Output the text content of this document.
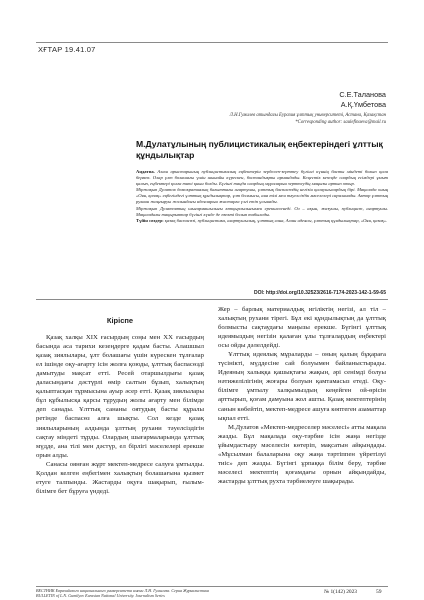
ХҒТАР 19.41.07
С.Е.Таланова
А.Қ.Үмбетова
Л.Н.Гумилев атындағы Еуразия ұлттық университеті, Астана, Қазақстан
*Corresponding author: saulefinaeva@mail.ru
М.Дулатұлының публицистикалық еңбектеріндегі ұлттық құндылықтар

Аңдатпа. Алаш арыстарының публицистикалық еңбектерін зерделеп-зерттеу бүгінгі күннің басты міндеті болып қала бермек. Олар ұлт болашағы үшін шынайы күрескен, бостандықты армандады. Кеңестік кезеңде олардың есімдері ұмыт қалып, еңбектері қолға тиюі қиын болды. Бүгінгі таңда олардың мұраларын зерттеудің маңызы артып отыр.

Мiржақып Дулатов демократиялық бағыттағы ағартушы, ұлттық баспасөздің негізін қалаушылардың бірі. Мақалада оның «Оян, қазақ» еңбегіндегі ұлттық құндылықтар, ұлт болмысы, ана тілі мен тәуелсіздік мәселелері сараланады. Автор ұлттың рухани жаңғыруы жолындағы идеяларын жастарға үлгі етіп ұсынады.

Мiржақып Дулатовтың шығармашылығы көпқырлылығымен ерекшеленеді. Ол – ақын, жазушы, публицист, ағартушы. Мақаладағы тақырыптар бүгінгі күнде де өзекті болып табылады.

Түйін сөздер: қазақ баспасөзі, публицистика, ағартушылық, ұлттық сана, Алаш идеясы, ұлттық құндылықтар, «Оян, қазақ».

DOI: http://doi.org/10.32523/2616-7174-2023-142-1-59-65
Кіріспе

Қазақ халқы ХІХ ғасырдың соңы мен ХХ ғасырдың басында аса тарихи кезеңдерге қадам басты. Алашшыл қазақ зиялылары, ұлт болашағы үшін күрескен тұлғалар ел ішінде оқу-ағарту ісін жолға қоюды, ұлттық баспасөзді дамытуды мақсат етті. Ресей отаршылдығы қазақ даласындағы дәстүрлі өмір салтын бұзып, халықтың қалыптасқан тұрмысына ауыр әсер етті. Қазақ зиялылары бұл құбылысқа қарсы тұрудың жолы ағарту мен білімде деп санады. Ұлттық сананы оятудың басты құралы ретінде баспасөз алға шықты. Сол кезде қазақ зиялыларының алдында ұлттың рухани тәуелсіздігін сақтау міндеті тұрды. Олардың шығармаларында ұлттық мүдде, ана тілі мен дәстүр, ел бірлігі мәселелері ерекше орын алды.

Санасы оянған жұрт мектеп-медресе салуға ұмтылды. Қолдан келген еңбегімен халықтың болашағына қызмет етуге талпынды. Жастарды оқуға шақырып, ғылым-білімге бет бұруға үндеді.

Жер – барлық материалдық игіліктің негізі, ал тіл – халықтың рухани тірегі. Бұл екі құндылықтың да ұлттық болмысты сақтаудағы маңызы ерекше. Бүгінгі ұлттық идеямыздың негізін қалаған ұлы тұлғалардың еңбектері осы ойды дәлелдейді.

Ұлттық идеялық мұраларды – оның қалың бұқараға түсінікті, мүддесіне сай болуымен байланыстырады. Идеяның халыққа қашықтағы жақын, әрі сенімді болуы нәтижелілігінің жоғары болуын қамтамасыз етеді. Оқу-білімге ұмтылу халқымыздың кеңейген ой-өрісін арттырып, қоғам дамуына жол ашты. Қазақ мектептерінің санын көбейтіп, мектеп-медресе ашуға көптеген азаматтар ықпал етті.

М.Дулатов «Мектеп-медреселер мәселесі» атты мақала жазды. Бұл мақалада оқу-тәрбие ісін жаңа негізде ұйымдастыру мәселесін көтеріп, мақсатын айқындады. «Мұсылман балаларына оқу жаңа тәртіппен үйретілуі тиіс» деп жазды. Бүгінгі ұрпаққа білім беру, тәрбие мәселесі мектептің қоғамдағы орнын айқындайды, жастарды ұлттық рухта тәрбиелеуге шақырады.

ВЕСТНИК Евразийского национального университета имени Л.Н. Гумилева. Серия Журналистика
BULLETIN of L.N. Gumilyov Eurasian National University. Journalism Series
№ 1(142) 2023	59
